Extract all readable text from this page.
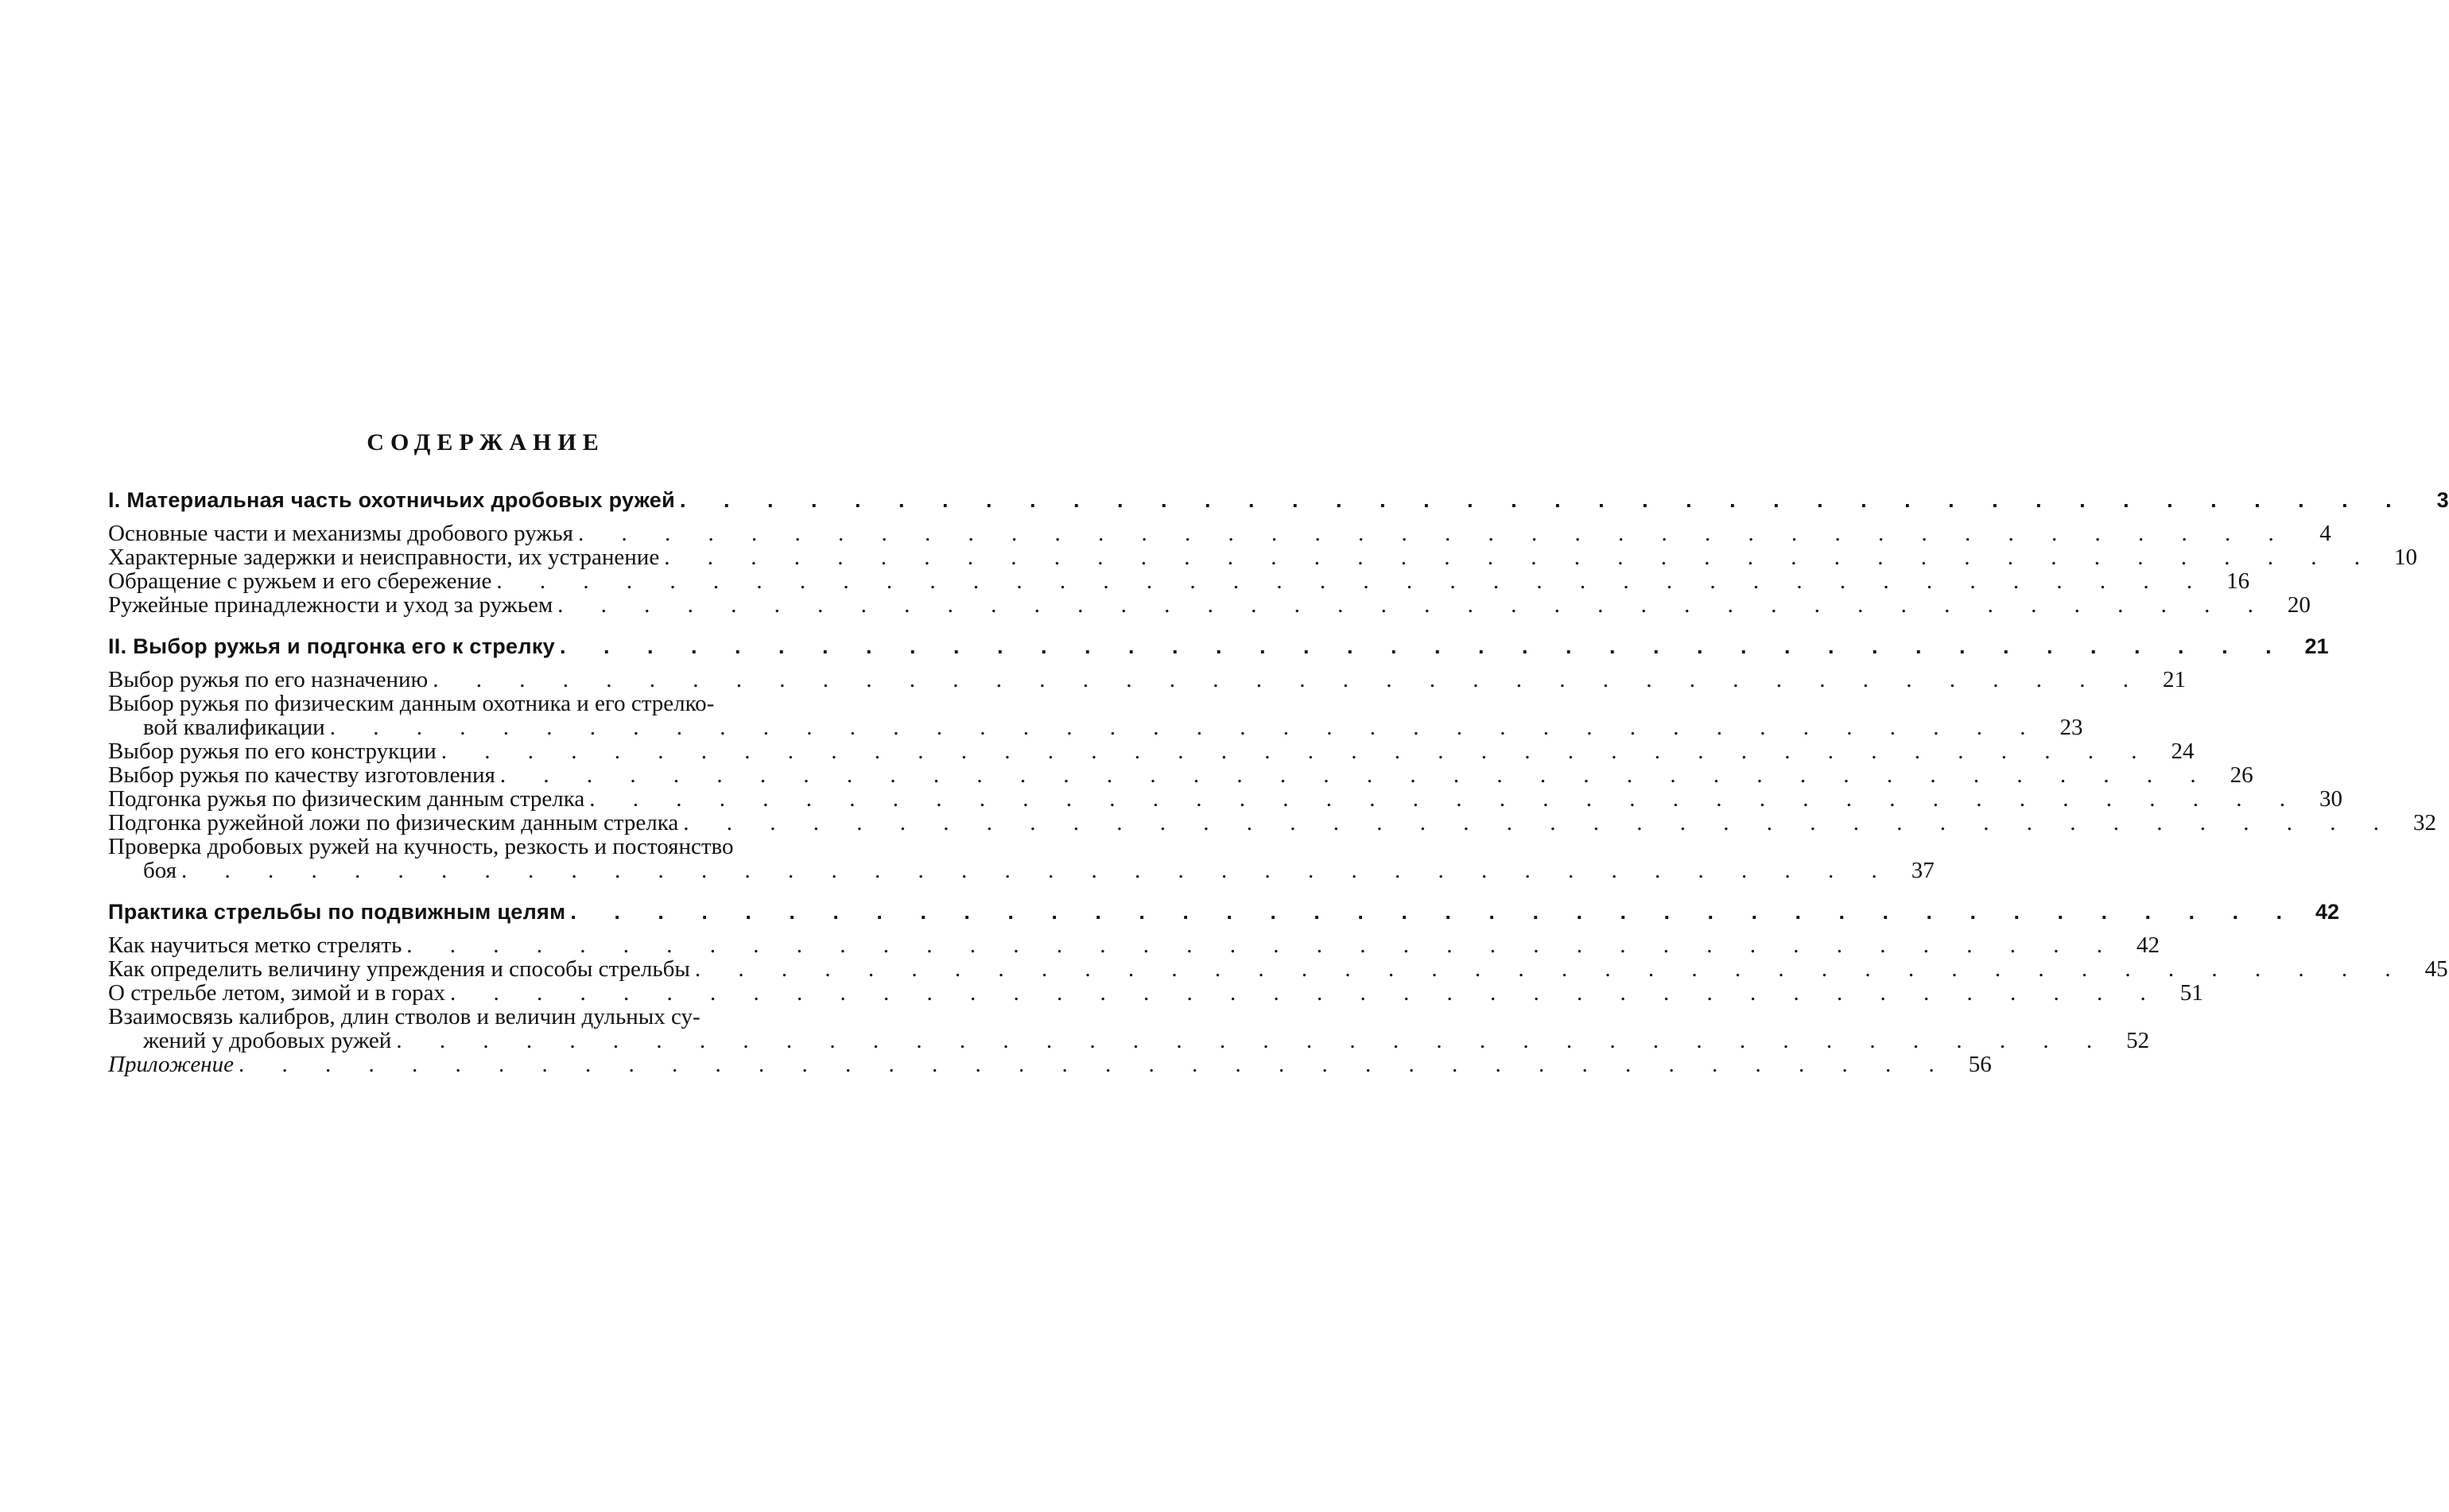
СОДЕРЖАНИЕ
I. Материальная часть охотничьих дробовых ружей . . .	3
Основные части и механизмы дробового ружья . . .	4
Характерные задержки и неисправности, их устранение . . .	10
Обращение с ружьем и его сбережение . . .	16
Ружейные принадлежности и уход за ружьем . . .	20
II. Выбор ружья и подгонка его к стрелку . . .	21
Выбор ружья по его назначению . . .	21
Выбор ружья по физическим данным охотника и его стрелко-
вой квалификации . . .	23
Выбор ружья по его конструкции . . .	24
Выбор ружья по качеству изготовления . . .	26
Подгонка ружья по физическим данным стрелка . . .	30
Подгонка ружейной ложи по физическим данным стрелка . . .	32
Проверка дробовых ружей на кучность, резкость и постоянство
боя . . .	37
Практика стрельбы по подвижным целям . . .	42
Как научиться метко стрелять . . .	42
Как определить величину упреждения и способы стрельбы . . .	45
О стрельбе летом, зимой и в горах . . .	51
Взаимосвязь калибров, длин стволов и величин дульных су-
жений у дробовых ружей . . .	52
Приложение . . .	56
